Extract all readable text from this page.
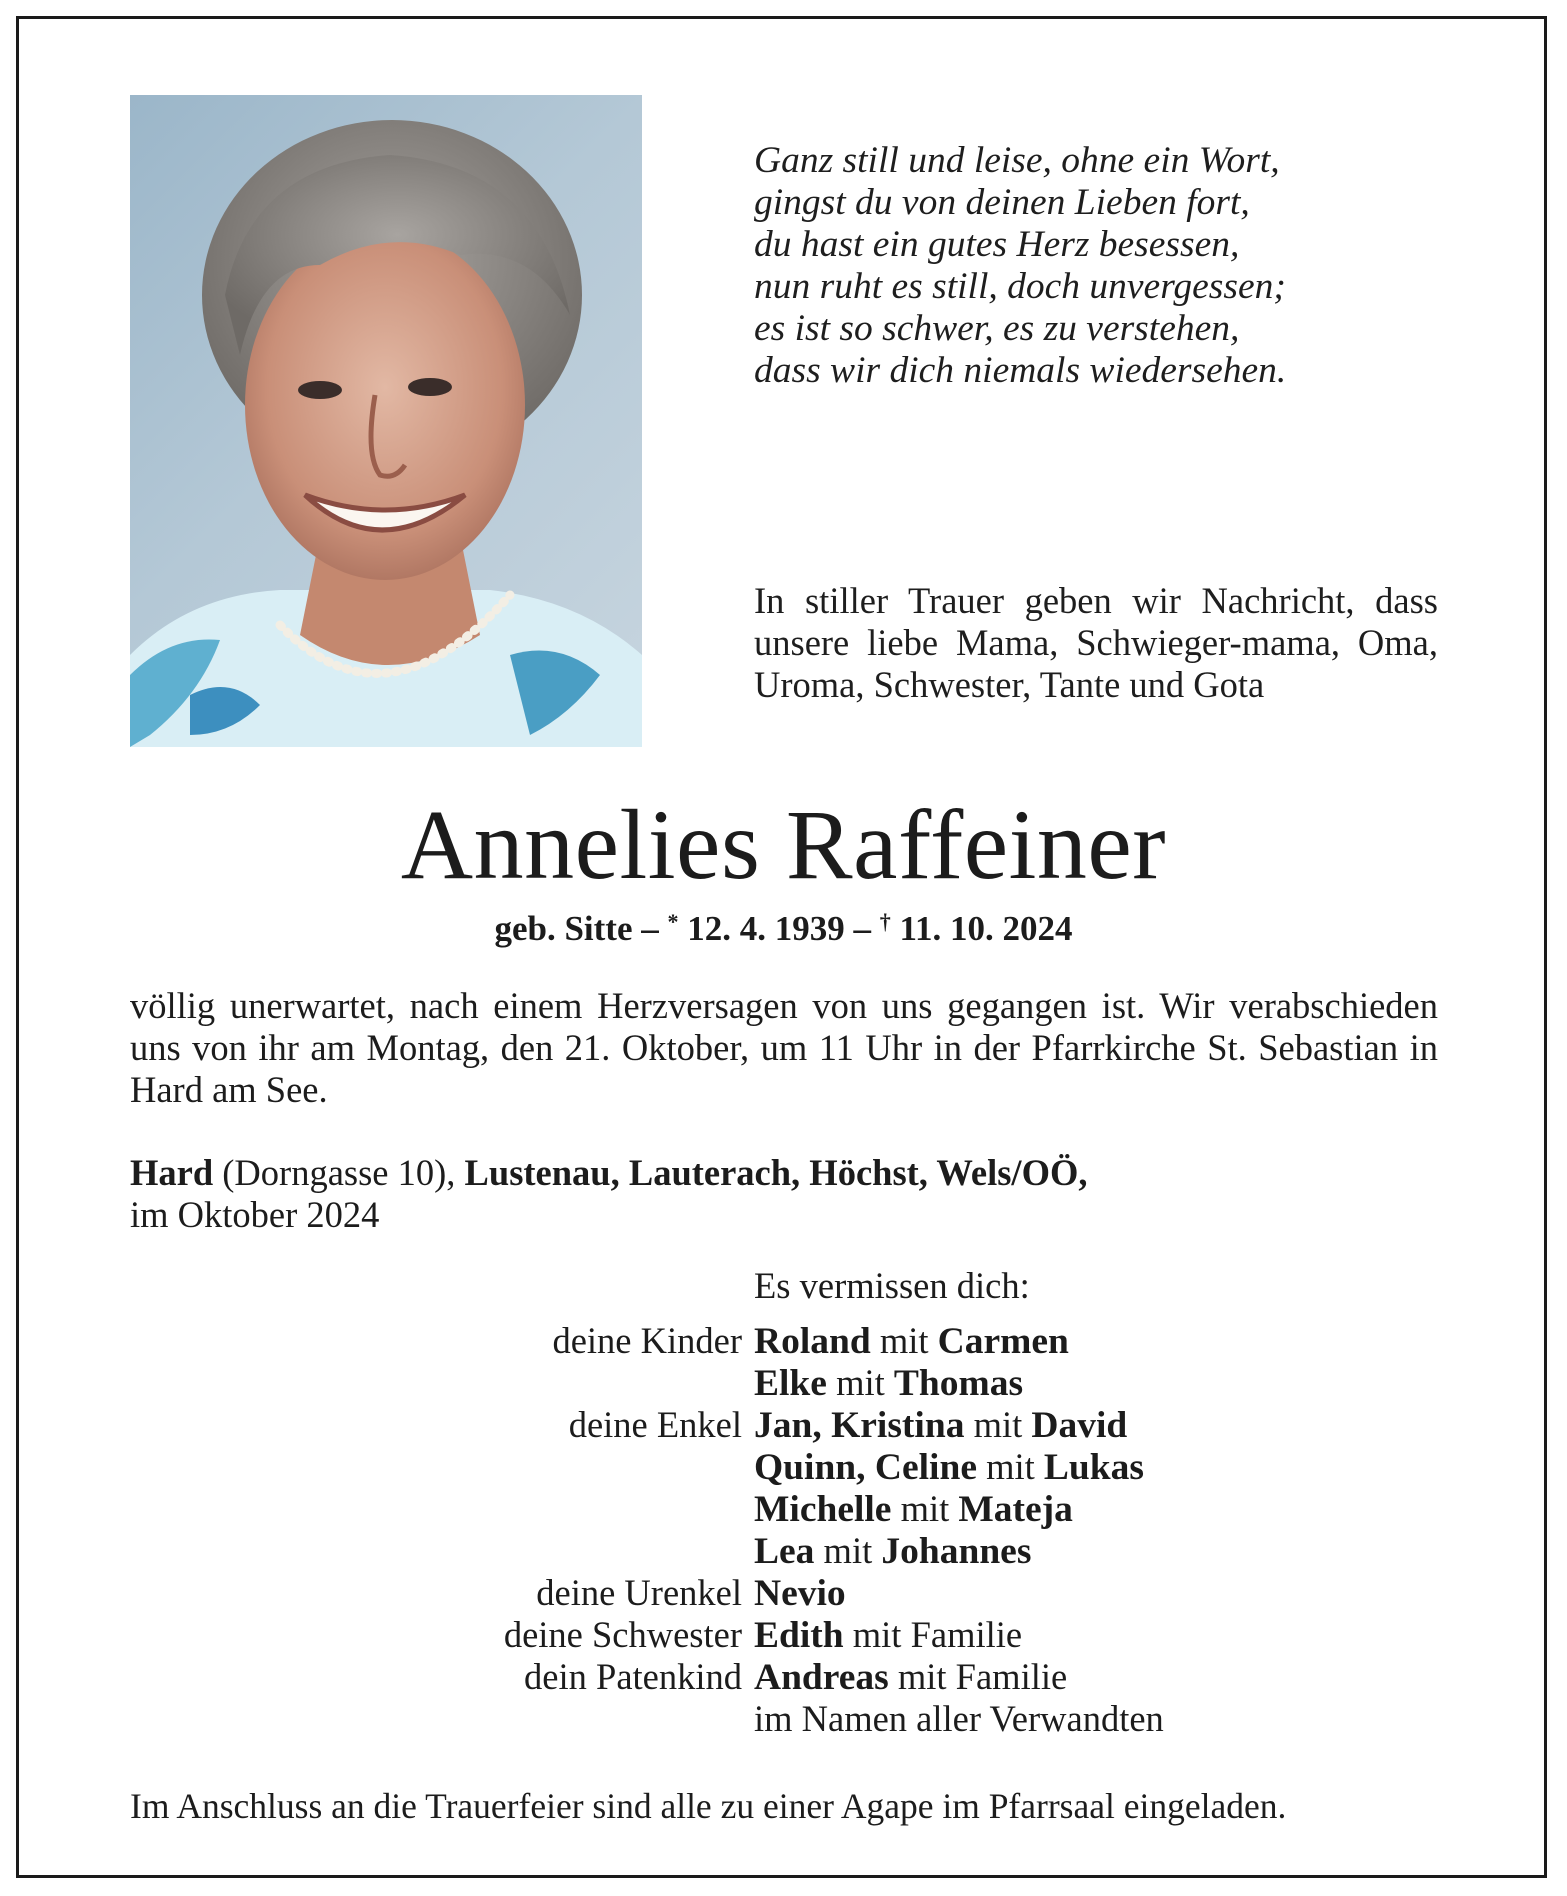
Ganz still und leise, ohne ein Wort,
gingst du von deinen Lieben fort,
du hast ein gutes Herz besessen,
nun ruht es still, doch unvergessen;
es ist so schwer, es zu verstehen,
dass wir dich niemals wiedersehen.
In stiller Trauer geben wir Nachricht, dass unsere liebe Mama, Schwieger-mama, Oma, Uroma, Schwester, Tante und Gota
Annelies Raffeiner
geb. Sitte – * 12. 4. 1939 – † 11. 10. 2024
völlig unerwartet, nach einem Herzversagen von uns gegangen ist. Wir verabschieden uns von ihr am Montag, den 21. Oktober, um 11 Uhr in der Pfarrkirche St. Sebastian in Hard am See.
Hard (Dorngasse 10), Lustenau, Lauterach, Höchst, Wels/OÖ,
im Oktober 2024
Es vermissen dich:
deine Kinder Roland mit Carmen
Elke mit Thomas
deine Enkel Jan, Kristina mit David
Quinn, Celine mit Lukas
Michelle mit Mateja
Lea mit Johannes
deine Urenkel Nevio
deine Schwester Edith mit Familie
dein Patenkind Andreas mit Familie
im Namen aller Verwandten
Im Anschluss an die Trauerfeier sind alle zu einer Agape im Pfarrsaal eingeladen.
